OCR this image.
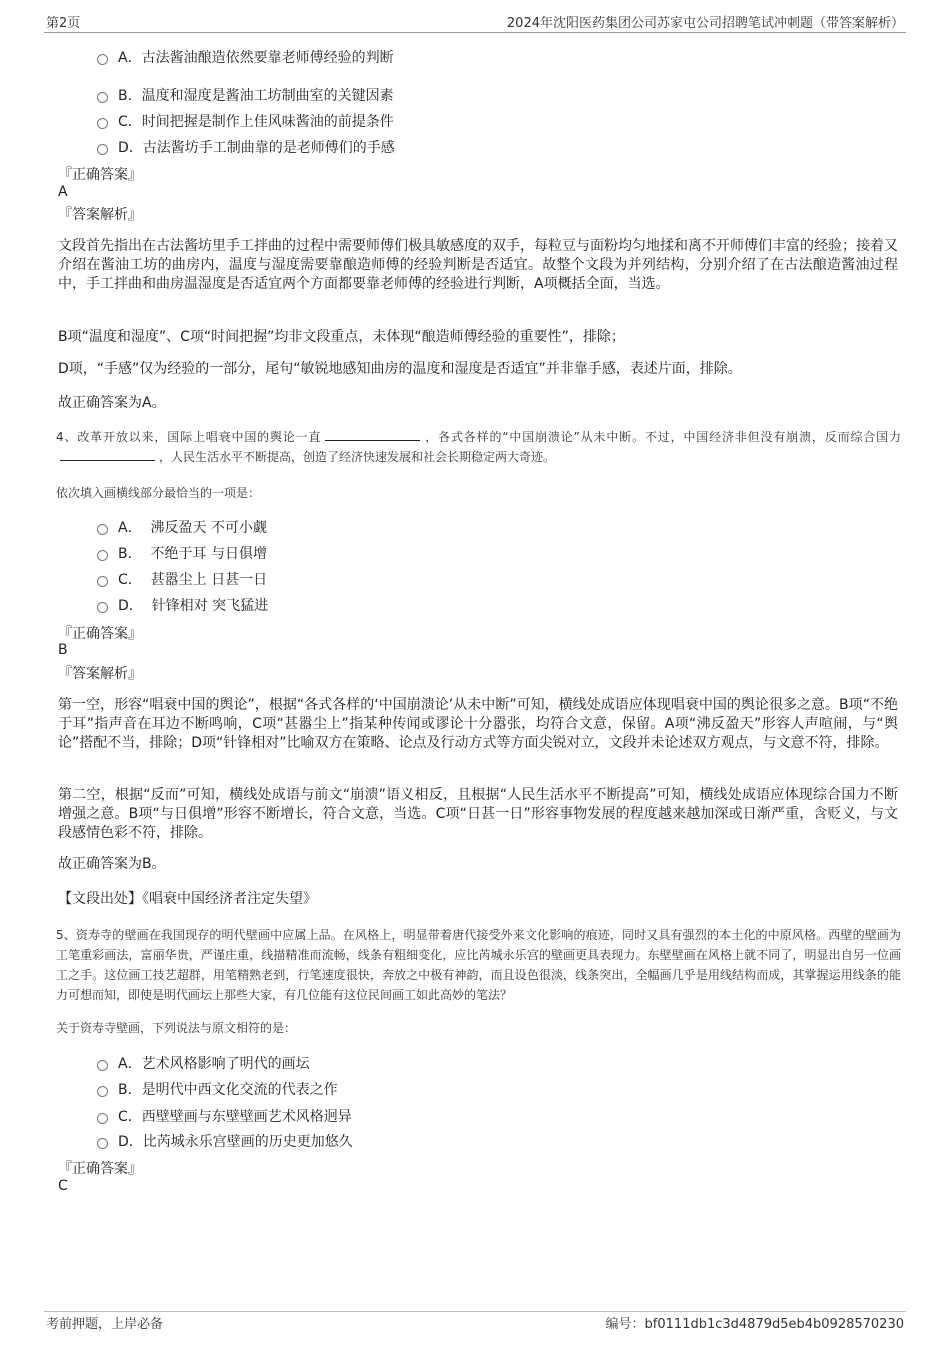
第2页	2024年沈阳医药集团公司苏家屯公司招聘笔试冲刺题（带答案解析）
A． 古法酱油酿造依然要靠老师傅经验的判断
B． 温度和湿度是酱油工坊制曲室的关键因素
C． 时间把握是制作上佳风味酱油的前提条件
D． 古法酱坊手工制曲靠的是老师傅们的手感
『正确答案』
A
『答案解析』
文段首先指出在古法酱坊里手工拌曲的过程中需要师傅们极具敏感度的双手，每粒豆与面粉均匀地揉和离不开师傅们丰富的经验；接着又介绍在酱油工坊的曲房内，温度与湿度需要靠酿造师傅的经验判断是否适宜。故整个文段为并列结构，分别介绍了在古法酿造酱油过程中，手工拌曲和曲房温湿度是否适宜两个方面都要靠老师傅的经验进行判断，A项概括全面，当选。
B项“温度和湿度”、C项“时间把握”均非文段重点，未体现“酿造师傅经验的重要性”，排除；
D项，“手感”仅为经验的一部分，尾句“敏锐地感知曲房的温度和湿度是否适宜”并非靠手感，表述片面，排除。
故正确答案为A。
4、改革开放以来，国际上唱衰中国的舆论一直	，各式各样的“中国崩溃论”从未中断。不过，中国经济非但没有崩溃，反而综合国力，人民生活水平不断提高，创造了经济快速发展和社会长期稳定两大奇迹。
依次填入画横线部分最恰当的一项是：
A．
沸反盈天 不可小觑
B．
不绝于耳 与日俱增
C．
甚嚣尘上 日甚一日
D．
针锋相对 突飞猛进
『正确答案』
B
『答案解析』
第一空，形容“唱衰中国的舆论”，根据“各式各样的‘中国崩溃论’从未中断”可知，横线处成语应体现唱衰中国的舆论很多之意。B项“不绝于耳”指声音在耳边不断鸣响，C项“甚嚣尘上”指某种传闻或谬论十分嚣张，均符合文意，保留。A项“沸反盈天”形容人声喧闹，与“舆论”搭配不当，排除；D项“针锋相对”比喻双方在策略、论点及行动方式等方面尖锐对立，文段并未论述双方观点，与文意不符，排除。
第二空，根据“反而”可知，横线处成语与前文“崩溃”语义相反，且根据“人民生活水平不断提高”可知，横线处成语应体现综合国力不断增强之意。B项“与日俱增”形容不断增长，符合文意，当选。C项“日甚一日”形容事物发展的程度越来越加深或日渐严重，含贬义，与文段感情色彩不符，排除。
故正确答案为B。
【文段出处】《唱衰中国经济者注定失望》
5、资寿寺的壁画在我国现存的明代壁画中应属上品。在风格上，明显带着唐代接受外来文化影响的痕迹，同时又具有强烈的本土化的中原风格。西壁的壁画为工笔重彩画法，富丽华贵，严谨庄重，线描精准而流畅，线条有粗细变化，应比芮城永乐宫的壁画更具表现力。东壁壁画在风格上就不同了，明显出自另一位画工之手。这位画工技艺超群，用笔精熟老到，行笔速度很快，奔放之中极有神韵，而且设色很淡，线条突出，全幅画几乎是用线结构而成，其掌握运用线条的能力可想而知，即使是明代画坛上那些大家，有几位能有这位民间画工如此高妙的笔法？
关于资寿寺壁画，下列说法与原文相符的是：
A． 艺术风格影响了明代的画坛
B． 是明代中西文化交流的代表之作
C． 西壁壁画与东壁壁画艺术风格迥异
D． 比芮城永乐宫壁画的历史更加悠久
『正确答案』
C
考前押题，上岸必备	编号：bf0111db1c3d4879d5eb4b0928570230
